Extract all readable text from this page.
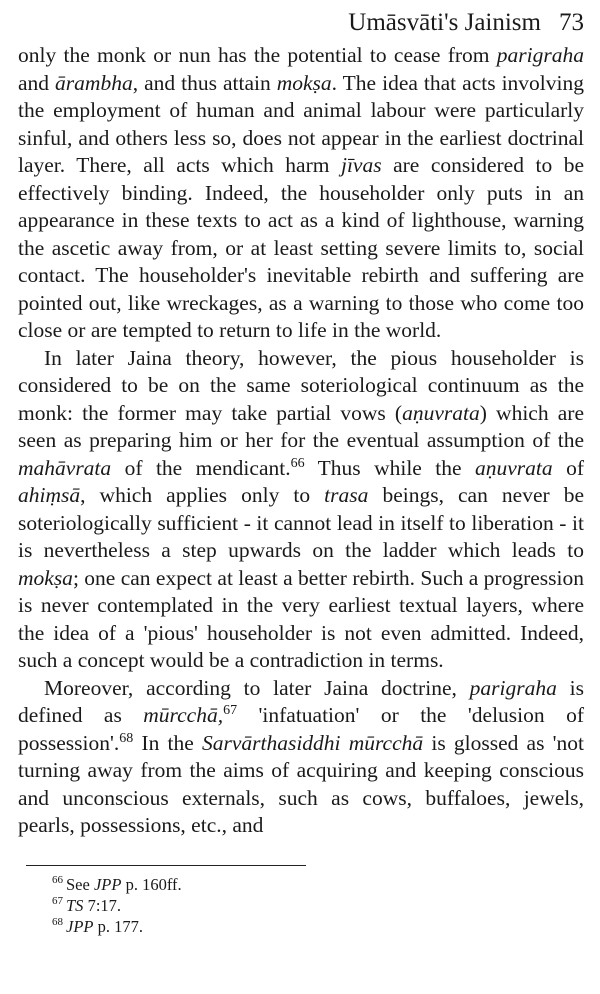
Umāsvāti's Jainism 73

only the monk or nun has the potential to cease from parigraha and ārambha, and thus attain mokṣa. The idea that acts involving the employment of human and animal labour were particularly sinful, and others less so, does not appear in the earliest doctrinal layer. There, all acts which harm jīvas are considered to be effectively binding. Indeed, the householder only puts in an appearance in these texts to act as a kind of lighthouse, warning the ascetic away from, or at least setting severe limits to, social contact. The householder's inevitable rebirth and suffering are pointed out, like wreckages, as a warning to those who come too close or are tempted to return to life in the world.

In later Jaina theory, however, the pious householder is considered to be on the same soteriological continuum as the monk: the former may take partial vows (aṇuvrata) which are seen as preparing him or her for the eventual assumption of the mahāvrata of the mendicant.$^{66}$ Thus while the aṇuvrata of ahiṃsā, which applies only to trasa beings, can never be soteriologically sufficient - it cannot lead in itself to liberation - it is nevertheless a step upwards on the ladder which leads to mokṣa; one can expect at least a better rebirth. Such a progression is never contemplated in the very earliest textual layers, where the idea of a 'pious' householder is not even admitted. Indeed, such a concept would be a contradiction in terms.

Moreover, according to later Jaina doctrine, parigraha is defined as mūrcchā,$^{67}$ 'infatuation' or the 'delusion of possession'.$^{68}$ In the Sarvārthasiddhi mūrcchā is glossed as 'not turning away from the aims of acquiring and keeping conscious and unconscious externals, such as cows, buffaloes, jewels, pearls, possessions, etc., and

$^{66}$ See JPP p. 160ff.
$^{67}$ TS 7:17.
$^{68}$ JPP p. 177.
